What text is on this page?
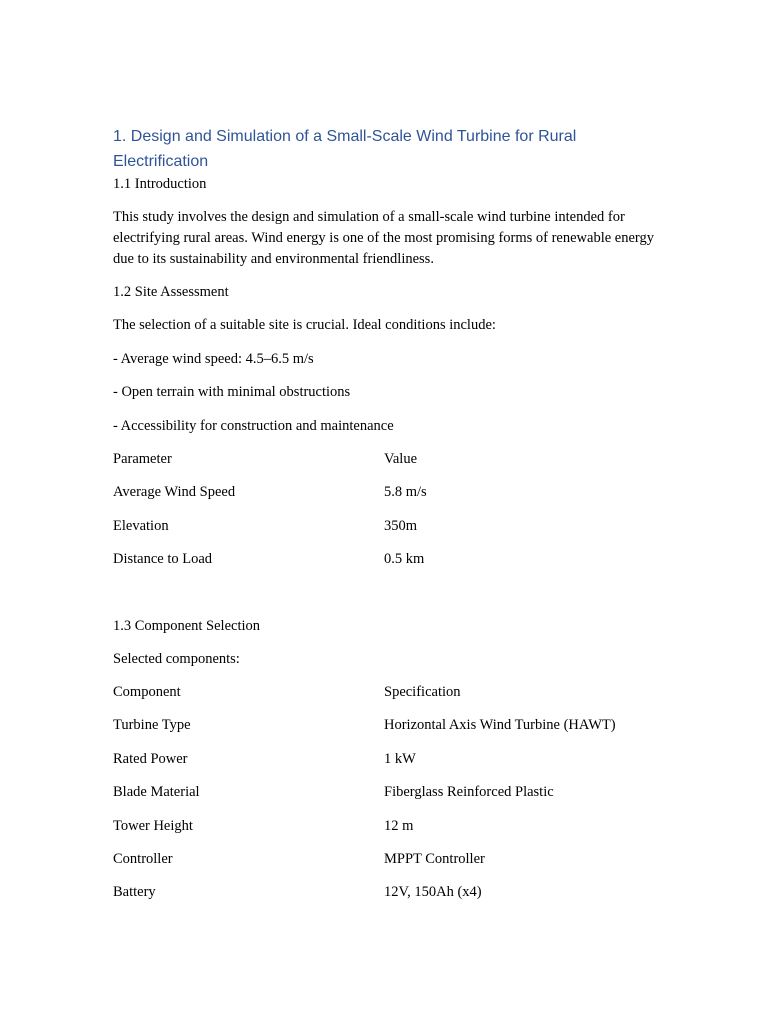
1. Design and Simulation of a Small-Scale Wind Turbine for Rural
Electrification
1.1 Introduction

This study involves the design and simulation of a small-scale wind turbine intended for electrifying rural areas. Wind energy is one of the most promising forms of renewable energy due to its sustainability and environmental friendliness.

1.2 Site Assessment
The selection of a suitable site is crucial. Ideal conditions include:
- Average wind speed: 4.5–6.5 m/s
- Open terrain with minimal obstructions
- Accessibility for construction and maintenance
Parameter	Value
Average Wind Speed	5.8 m/s
Elevation	350m
Distance to Load	0.5 km
1.3 Component Selection
Selected components:
Component	Specification
Turbine Type	Horizontal Axis Wind Turbine (HAWT)
Rated Power	1 kW
Blade Material	Fiberglass Reinforced Plastic
Tower Height	12 m
Controller	MPPT Controller
Battery	12V, 150Ah (x4)
